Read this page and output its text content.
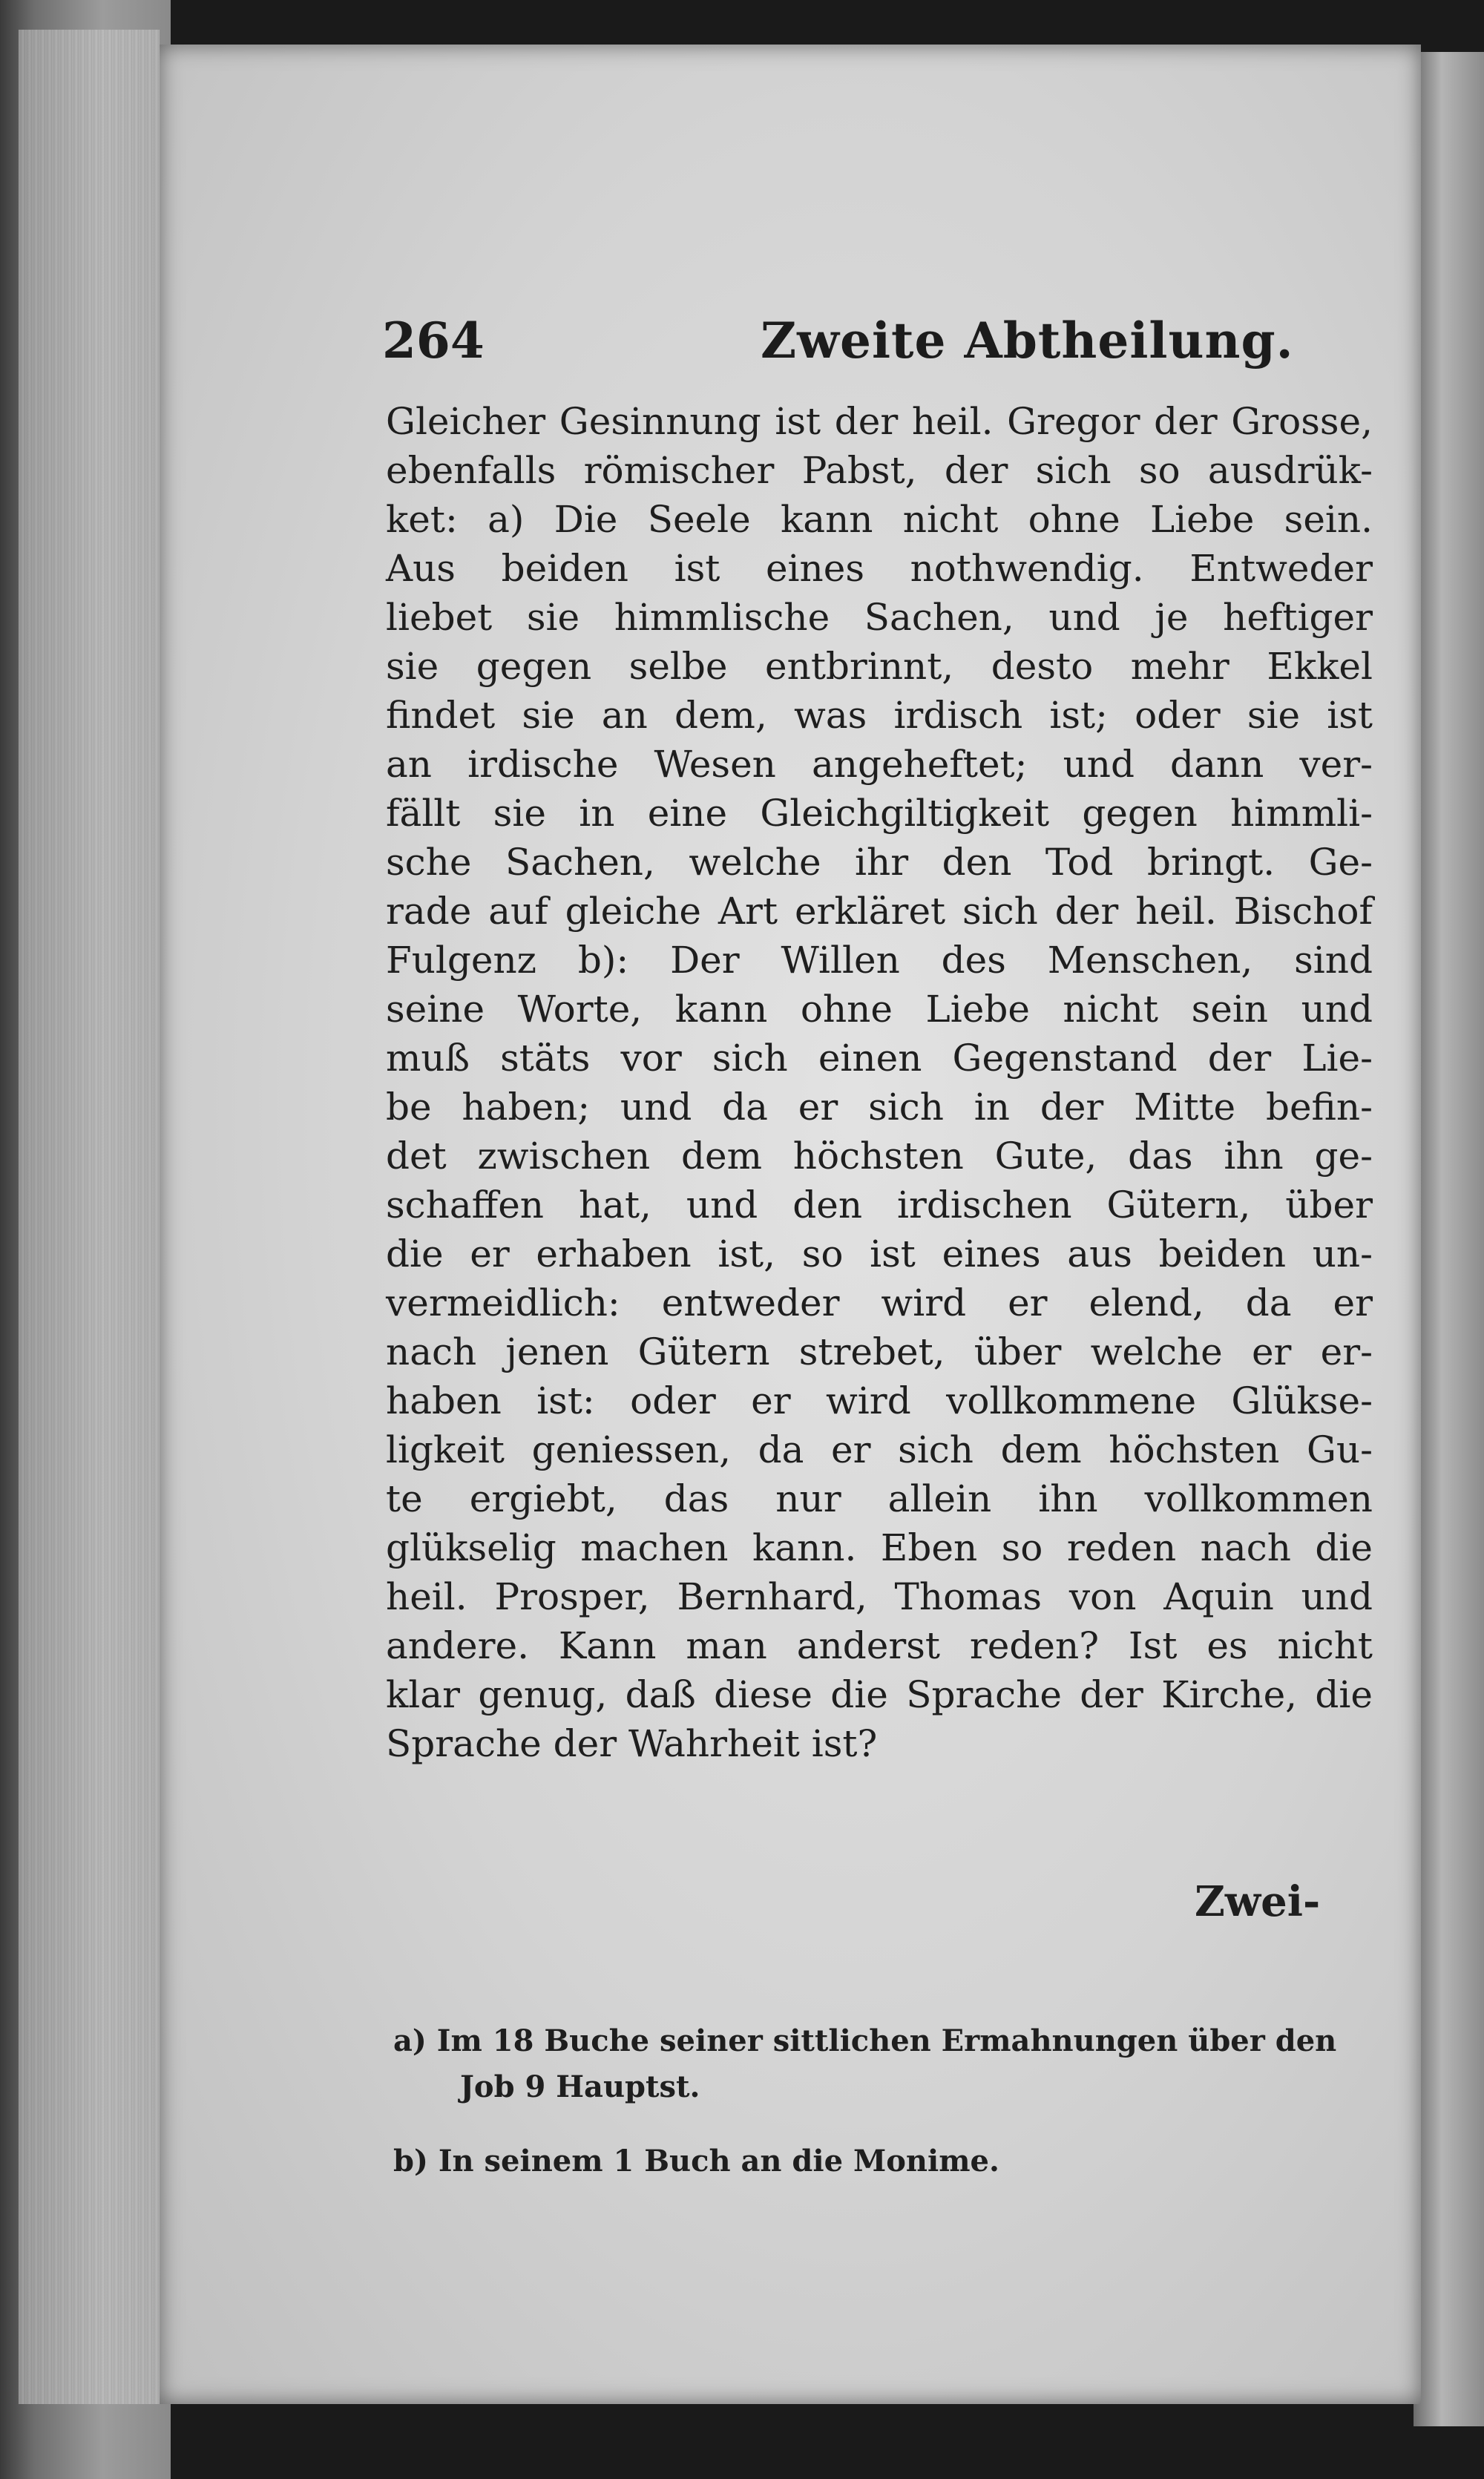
264	Zweite Abtheilung.
Gleicher Gesinnung ist der heil. Gregor der Grosse,
ebenfalls römischer Pabst, der sich so ausdrük-
ket: a) Die Seele kann nicht ohne Liebe sein.
Aus beiden ist eines nothwendig. Entweder
liebet sie himmlische Sachen, und je heftiger
sie gegen selbe entbrinnt, desto mehr Ekkel
findet sie an dem, was irdisch ist; oder sie ist
an irdische Wesen angeheftet; und dann ver-
fällt sie in eine Gleichgiltigkeit gegen himmli-
sche Sachen, welche ihr den Tod bringt. Ge-
rade auf gleiche Art erkläret sich der heil. Bischof
Fulgenz b): Der Willen des Menschen, sind
seine Worte, kann ohne Liebe nicht sein und
muß stäts vor sich einen Gegenstand der Lie-
be haben; und da er sich in der Mitte befin-
det zwischen dem höchsten Gute, das ihn ge-
schaffen hat, und den irdischen Gütern, über
die er erhaben ist, so ist eines aus beiden un-
vermeidlich: entweder wird er elend, da er
nach jenen Gütern strebet, über welche er er-
haben ist: oder er wird vollkommene Glükse-
ligkeit geniessen, da er sich dem höchsten Gu-
te ergiebt, das nur allein ihn vollkommen
glükselig machen kann. Eben so reden nach die
heil. Prosper, Bernhard, Thomas von Aquin und
andere. Kann man anderst reden? Ist es nicht
klar genug, daß diese die Sprache der Kirche, die
Sprache der Wahrheit ist?
Zwei-
a) Im 18 Buche seiner sittlichen Ermahnungen über den
Job 9 Hauptst.
b) In seinem 1 Buch an die Monime.
